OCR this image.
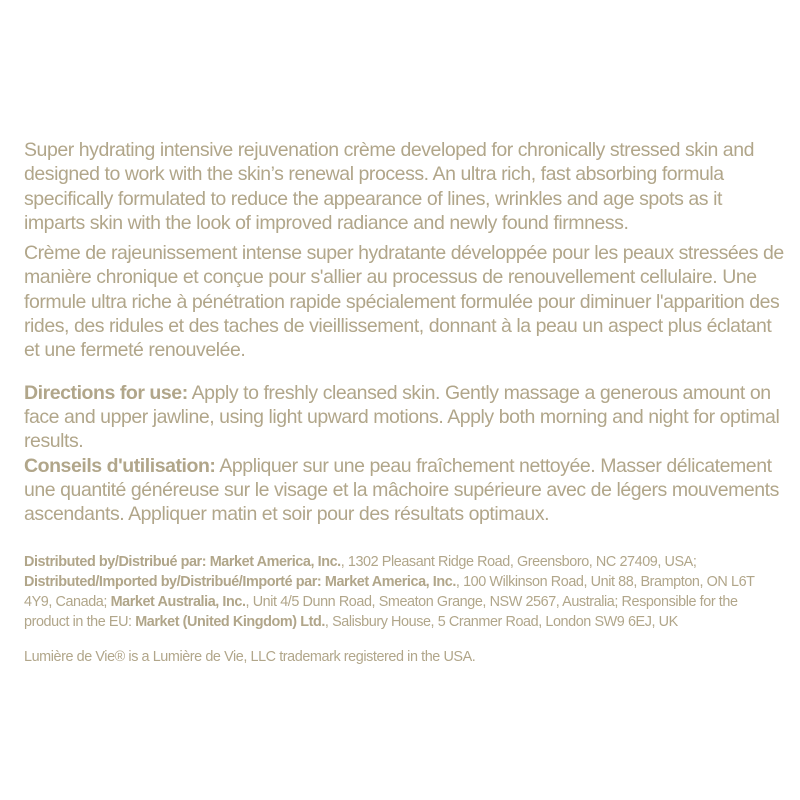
Super hydrating intensive rejuvenation crème developed for chronically stressed skin and designed to work with the skin’s renewal process. An ultra rich, fast absorbing formula specifically formulated to reduce the appearance of lines, wrinkles and age spots as it imparts skin with the look of improved radiance and newly found firmness.

Crème de rajeunissement intense super hydratante développée pour les peaux stressées de manière chronique et conçue pour s'allier au processus de renouvellement cellulaire. Une formule ultra riche à pénétration rapide spécialement formulée pour diminuer l'apparition des rides, des ridules et des taches de vieillissement, donnant à la peau un aspect plus éclatant et une fermeté renouvelée.

Directions for use: Apply to freshly cleansed skin. Gently massage a generous amount on face and upper jawline, using light upward motions. Apply both morning and night for optimal results.

Conseils d'utilisation: Appliquer sur une peau fraîchement nettoyée. Masser délicatement une quantité généreuse sur le visage et la mâchoire supérieure avec de légers mouvements ascendants. Appliquer matin et soir pour des résultats optimaux.

Distributed by/Distribué par: Market America, Inc., 1302 Pleasant Ridge Road, Greensboro, NC 27409, USA; Distributed/Imported by/Distribué/Importé par: Market America, Inc., 100 Wilkinson Road, Unit 88, Brampton, ON L6T 4Y9, Canada; Market Australia, Inc., Unit 4/5 Dunn Road, Smeaton Grange, NSW 2567, Australia; Responsible for the product in the EU: Market (United Kingdom) Ltd., Salisbury House, 5 Cranmer Road, London SW9 6EJ, UK

Lumière de Vie® is a Lumière de Vie, LLC trademark registered in the USA.
